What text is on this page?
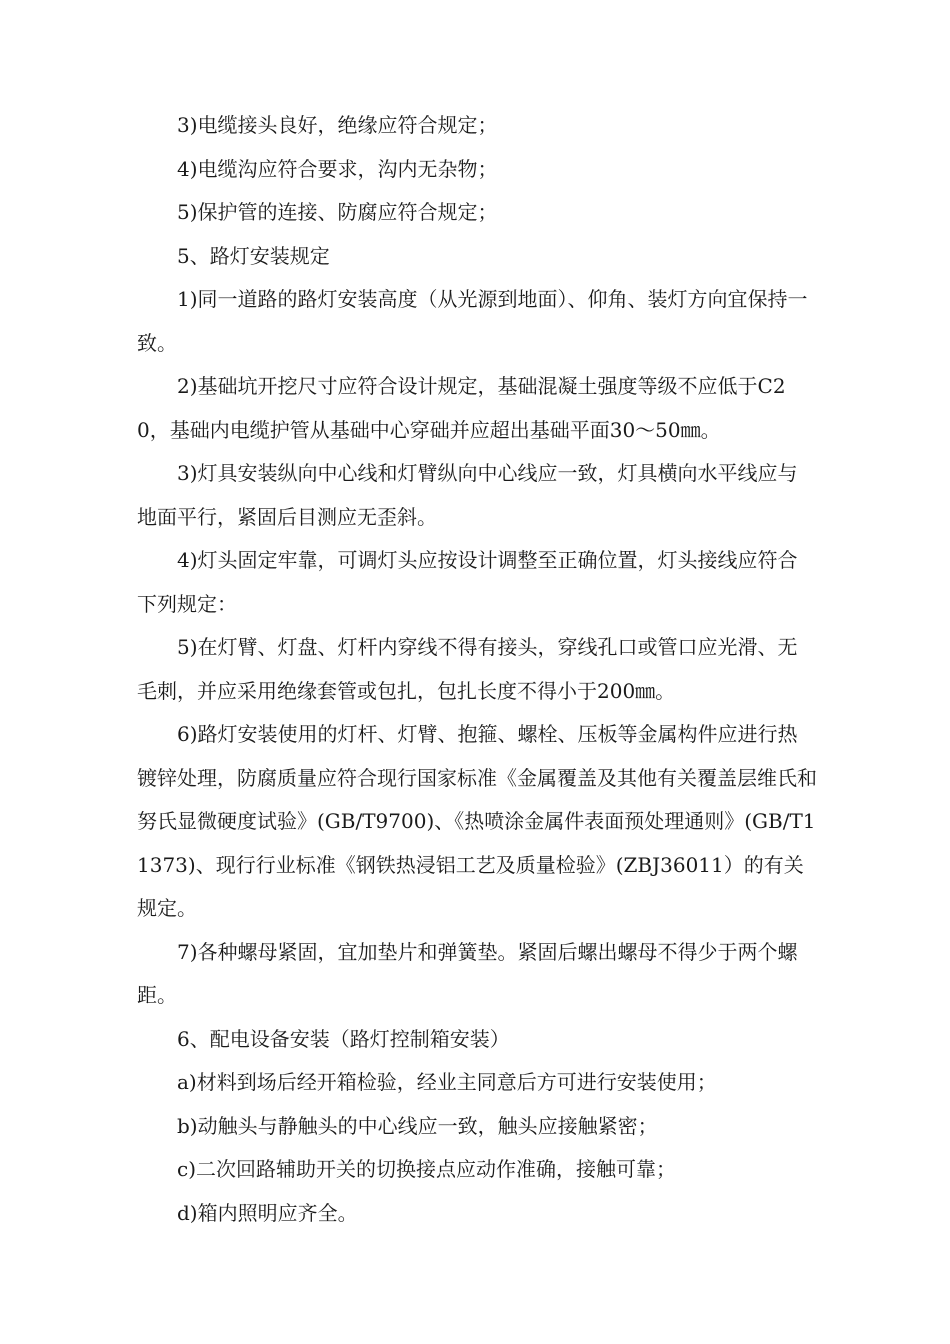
3)电缆接头良好，绝缘应符合规定；

4)电缆沟应符合要求，沟内无杂物；

5)保护管的连接、防腐应符合规定；

5、路灯安装规定

1)同一道路的路灯安装高度（从光源到地面）、仰角、装灯方向宜保持一致。

2)基础坑开挖尺寸应符合设计规定，基础混凝土强度等级不应低于C20，基础内电缆护管从基础中心穿础并应超出基础平面30～50㎜。

3)灯具安装纵向中心线和灯臂纵向中心线应一致，灯具横向水平线应与地面平行，紧固后目测应无歪斜。

4)灯头固定牢靠，可调灯头应按设计调整至正确位置，灯头接线应符合下列规定：

5)在灯臂、灯盘、灯杆内穿线不得有接头，穿线孔口或管口应光滑、无毛刺，并应采用绝缘套管或包扎，包扎长度不得小于200㎜。

6)路灯安装使用的灯杆、灯臂、抱箍、螺栓、压板等金属构件应进行热镀锌处理，防腐质量应符合现行国家标准《金属覆盖及其他有关覆盖层维氏和努氏显微硬度试验》(GB/T9700)、《热喷涂金属件表面预处理通则》(GB/T11373)、现行行业标准《钢铁热浸铝工艺及质量检验》(ZBJ36011）的有关规定。

7)各种螺母紧固，宜加垫片和弹簧垫。紧固后螺出螺母不得少于两个螺距。

6、配电设备安装（路灯控制箱安装）

a)材料到场后经开箱检验，经业主同意后方可进行安装使用；

b)动触头与静触头的中心线应一致，触头应接触紧密；

c)二次回路辅助开关的切换接点应动作准确，接触可靠；

d)箱内照明应齐全。
